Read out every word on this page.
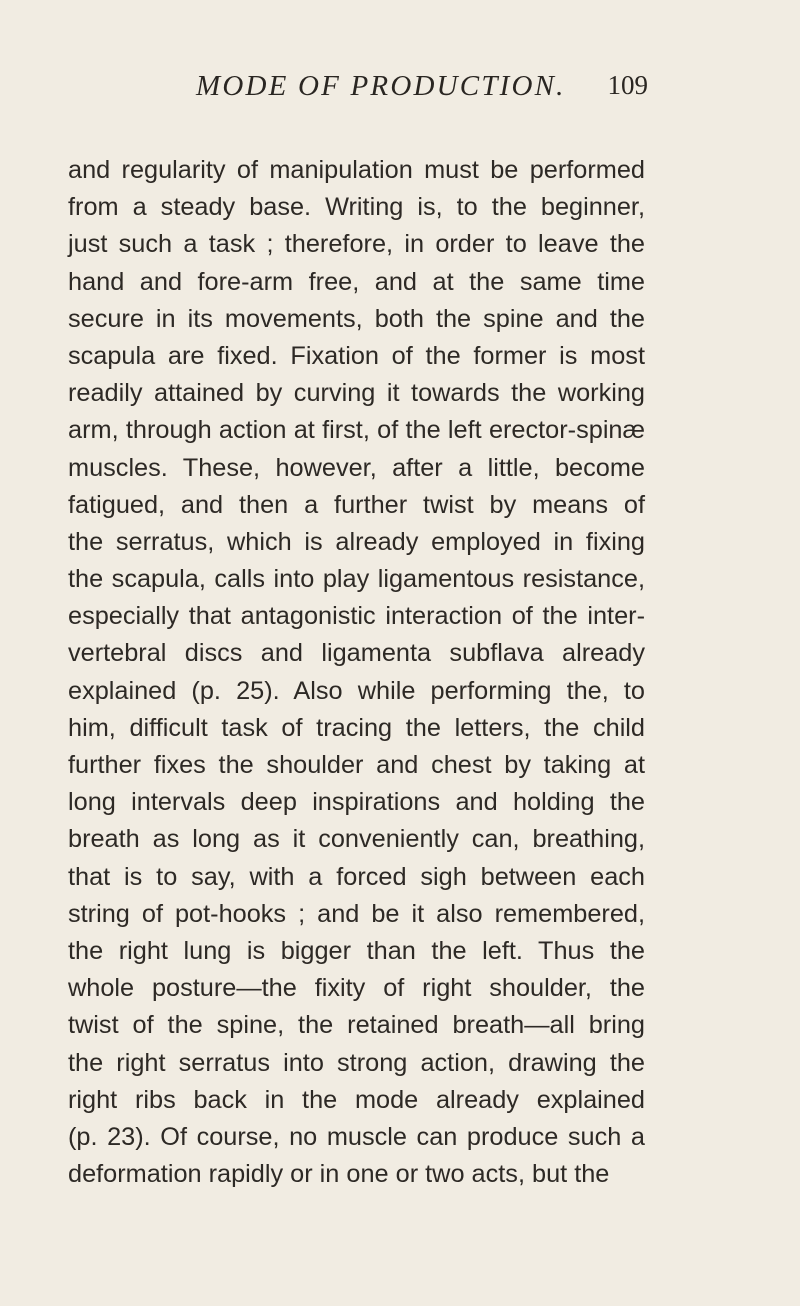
MODE OF PRODUCTION. 109
and regularity of manipulation must be performed
from a steady base. Writing is, to the beginner,
just such a task ; therefore, in order to leave the
hand and fore-arm free, and at the same time
secure in its movements, both the spine and the
scapula are fixed. Fixation of the former is most
readily attained by curving it towards the working
arm, through action at first, of the left erector-spinæ
muscles. These, however, after a little, become
fatigued, and then a further twist by means of
the serratus, which is already employed in fixing
the scapula, calls into play ligamentous resistance,
especially that antagonistic interaction of the inter-
vertebral discs and ligamenta subflava already
explained (p. 25). Also while performing the, to
him, difficult task of tracing the letters, the child
further fixes the shoulder and chest by taking at
long intervals deep inspirations and holding the
breath as long as it conveniently can, breathing,
that is to say, with a forced sigh between each
string of pot-hooks ; and be it also remembered,
the right lung is bigger than the left. Thus the
whole posture—the fixity of right shoulder, the
twist of the spine, the retained breath—all bring
the right serratus into strong action, drawing the
right ribs back in the mode already explained
(p. 23). Of course, no muscle can produce such a
deformation rapidly or in one or two acts, but the
